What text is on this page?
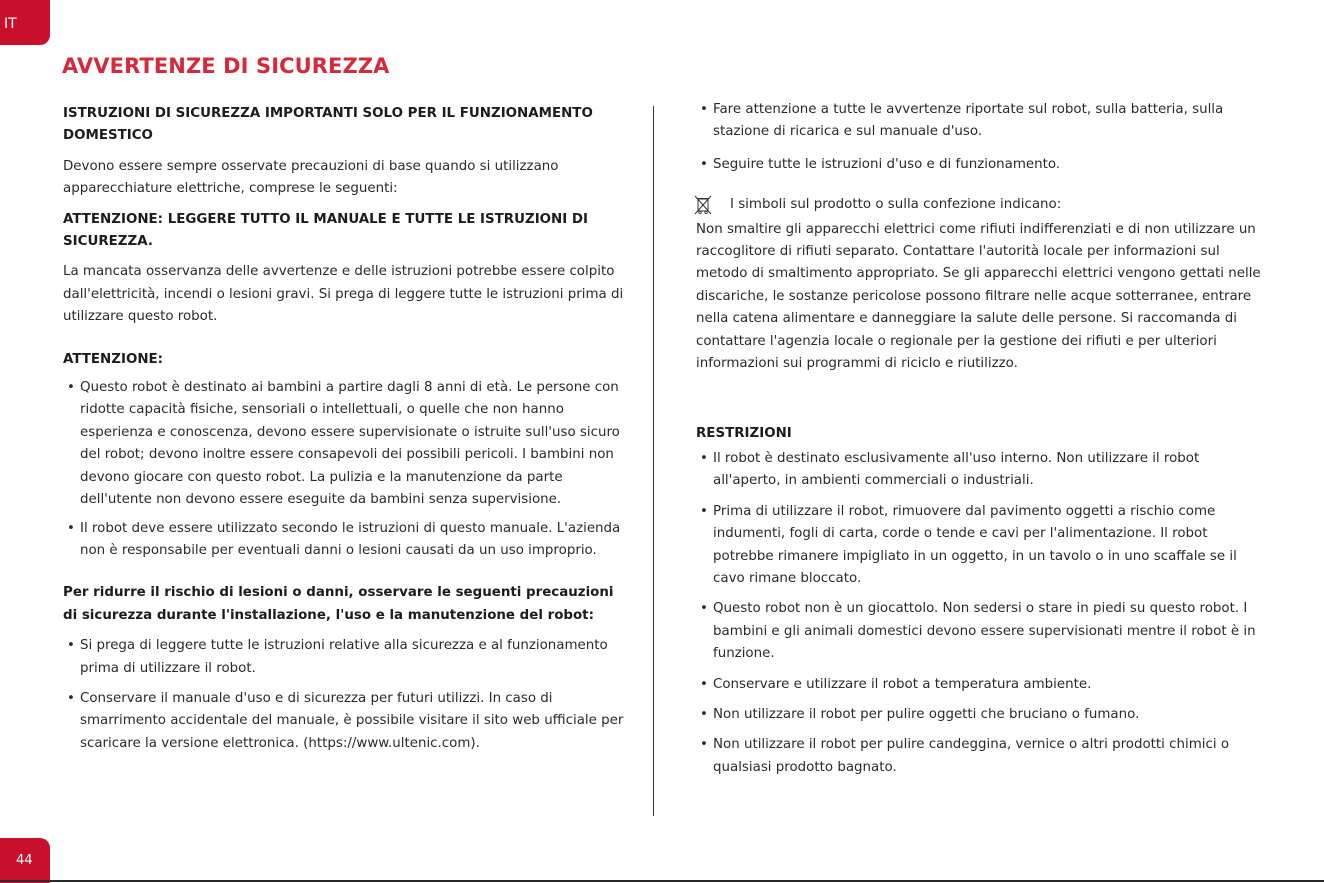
IT
AVVERTENZE DI SICUREZZA

ISTRUZIONI DI SICUREZZA IMPORTANTI SOLO PER IL FUNZIONAMENTO DOMESTICO

Devono essere sempre osservate precauzioni di base quando si utilizzano apparecchiature elettriche, comprese le seguenti:

ATTENZIONE: LEGGERE TUTTO IL MANUALE E TUTTE LE ISTRUZIONI DI SICUREZZA.

La mancata osservanza delle avvertenze e delle istruzioni potrebbe essere colpito dall'elettricità, incendi o lesioni gravi. Si prega di leggere tutte le istruzioni prima di utilizzare questo robot.

ATTENZIONE:

• Questo robot è destinato ai bambini a partire dagli 8 anni di età. Le persone con ridotte capacità fisiche, sensoriali o intellettuali, o quelle che non hanno esperienza e conoscenza, devono essere supervisionate o istruite sull'uso sicuro del robot; devono inoltre essere consapevoli dei possibili pericoli. I bambini non devono giocare con questo robot. La pulizia e la manutenzione da parte dell'utente non devono essere eseguite da bambini senza supervisione.
• Il robot deve essere utilizzato secondo le istruzioni di questo manuale. L'azienda non è responsabile per eventuali danni o lesioni causati da un uso improprio.

Per ridurre il rischio di lesioni o danni, osservare le seguenti precauzioni di sicurezza durante l'installazione, l'uso e la manutenzione del robot:

• Si prega di leggere tutte le istruzioni relative alla sicurezza e al funzionamento prima di utilizzare il robot.
• Conservare il manuale d'uso e di sicurezza per futuri utilizzi. In caso di smarrimento accidentale del manuale, è possibile visitare il sito web ufficiale per scaricare la versione elettronica. (https://www.ultenic.com).
• Fare attenzione a tutte le avvertenze riportate sul robot, sulla batteria, sulla stazione di ricarica e sul manuale d'uso.
• Seguire tutte le istruzioni d'uso e di funzionamento.
I simboli sul prodotto o sulla confezione indicano:

Non smaltire gli apparecchi elettrici come rifiuti indifferenziati e di non utilizzare un raccoglitore di rifiuti separato. Contattare l'autorità locale per informazioni sul metodo di smaltimento appropriato. Se gli apparecchi elettrici vengono gettati nelle discariche, le sostanze pericolose possono filtrare nelle acque sotterranee, entrare nella catena alimentare e danneggiare la salute delle persone. Si raccomanda di contattare l'agenzia locale o regionale per la gestione dei rifiuti e per ulteriori informazioni sui programmi di riciclo e riutilizzo.

RESTRIZIONI

• Il robot è destinato esclusivamente all'uso interno. Non utilizzare il robot all'aperto, in ambienti commerciali o industriali.
• Prima di utilizzare il robot, rimuovere dal pavimento oggetti a rischio come indumenti, fogli di carta, corde o tende e cavi per l'alimentazione. Il robot potrebbe rimanere impigliato in un oggetto, in un tavolo o in uno scaffale se il cavo rimane bloccato.
• Questo robot non è un giocattolo. Non sedersi o stare in piedi su questo robot. I bambini e gli animali domestici devono essere supervisionati mentre il robot è in funzione.
• Conservare e utilizzare il robot a temperatura ambiente.
• Non utilizzare il robot per pulire oggetti che bruciano o fumano.
• Non utilizzare il robot per pulire candeggina, vernice o altri prodotti chimici o qualsiasi prodotto bagnato.
44
